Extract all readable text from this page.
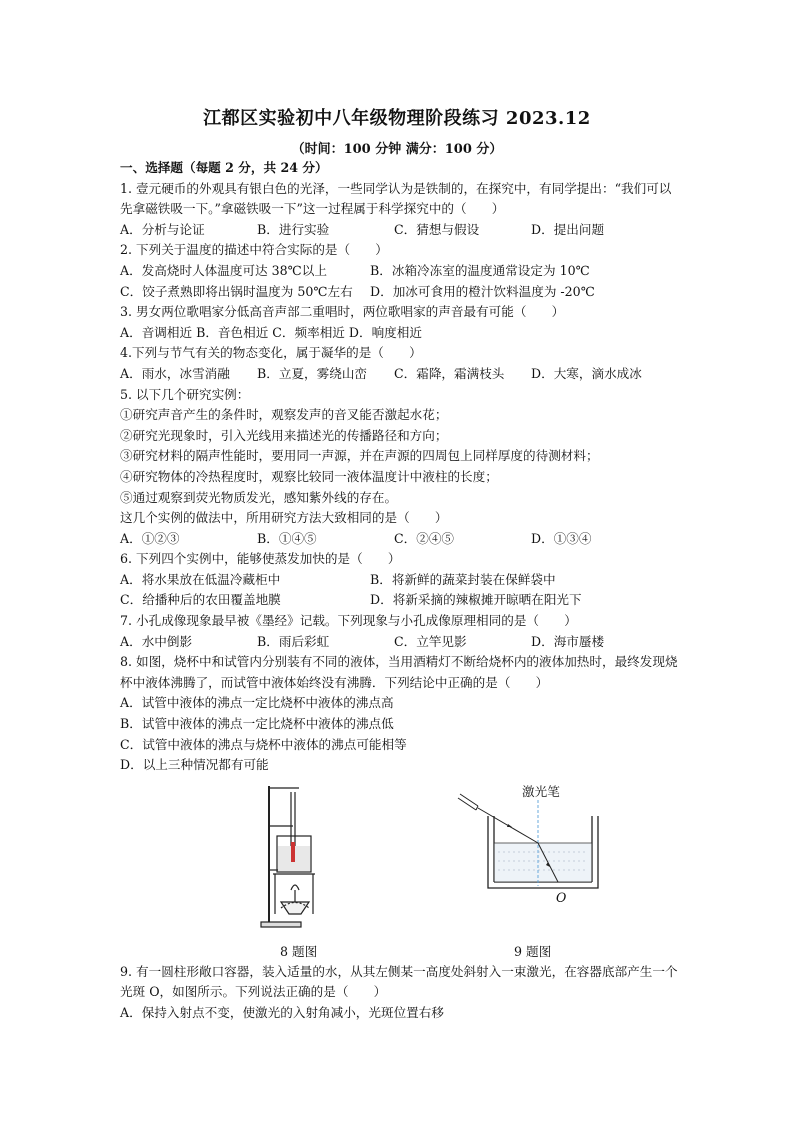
江都区实验初中八年级物理阶段练习 2023.12
（时间：100 分钟 满分：100 分）
一、选择题（每题 2 分，共 24 分）
1. 壹元硬币的外观具有银白色的光泽，一些同学认为是铁制的，在探究中，有同学提出：“我们可以先拿磁铁吸一下。”拿磁铁吸一下”这一过程属于科学探究中的（　　）
A．分析与论证	B．进行实验	C．猜想与假设	D．提出问题
2. 下列关于温度的描述中符合实际的是（　　）
A．发高烧时人体温度可达 38℃以上	B．冰箱冷冻室的温度通常设定为 10℃
C．饺子煮熟即将出锅时温度为 50℃左右	D．加冰可食用的橙汁饮料温度为 -20℃
3. 男女两位歌唱家分低高音声部二重唱时，两位歌唱家的声音最有可能（　　）
A．音调相近 B．音色相近 C．频率相近 D．响度相近
4.下列与节气有关的物态变化，属于凝华的是（　　）
A．雨水，冰雪消融	B．立夏，雾绕山峦	C．霜降，霜满枝头	D．大寒，滴水成冰
5. 以下几个研究实例：
①研究声音产生的条件时，观察发声的音叉能否激起水花；
②研究光现象时，引入光线用来描述光的传播路径和方向；
③研究材料的隔声性能时，要用同一声源，并在声源的四周包上同样厚度的待测材料；
④研究物体的冷热程度时，观察比较同一液体温度计中液柱的长度；
⑤通过观察到荧光物质发光，感知紫外线的存在。
这几个实例的做法中，所用研究方法大致相同的是（　　）
A．①②③	B．①④⑤	C．②④⑤	D．①③④
6. 下列四个实例中，能够使蒸发加快的是（　　）
A．将水果放在低温冷藏柜中	B．将新鲜的蔬菜封装在保鲜袋中
C．给播种后的农田覆盖地膜	D．将新采摘的辣椒摊开晾晒在阳光下
7. 小孔成像现象最早被《墨经》记载。下列现象与小孔成像原理相同的是（　　）
A．水中倒影	B．雨后彩虹	C．立竿见影	D．海市蜃楼
8. 如图，烧杯中和试管内分别装有不同的液体，当用酒精灯不断给烧杯内的液体加热时，最终发现烧杯中液体沸腾了，而试管中液体始终没有沸腾．下列结论中正确的是（　　）
A．试管中液体的沸点一定比烧杯中液体的沸点高
B．试管中液体的沸点一定比烧杯中液体的沸点低
C．试管中液体的沸点与烧杯中液体的沸点可能相等
D．以上三种情况都有可能
8 题图
激光笔
O
9 题图
9. 有一圆柱形敞口容器，装入适量的水，从其左侧某一高度处斜射入一束激光，在容器底部产生一个光斑 O，如图所示。下列说法正确的是（　　）
A．保持入射点不变，使激光的入射角减小，光斑位置右移
